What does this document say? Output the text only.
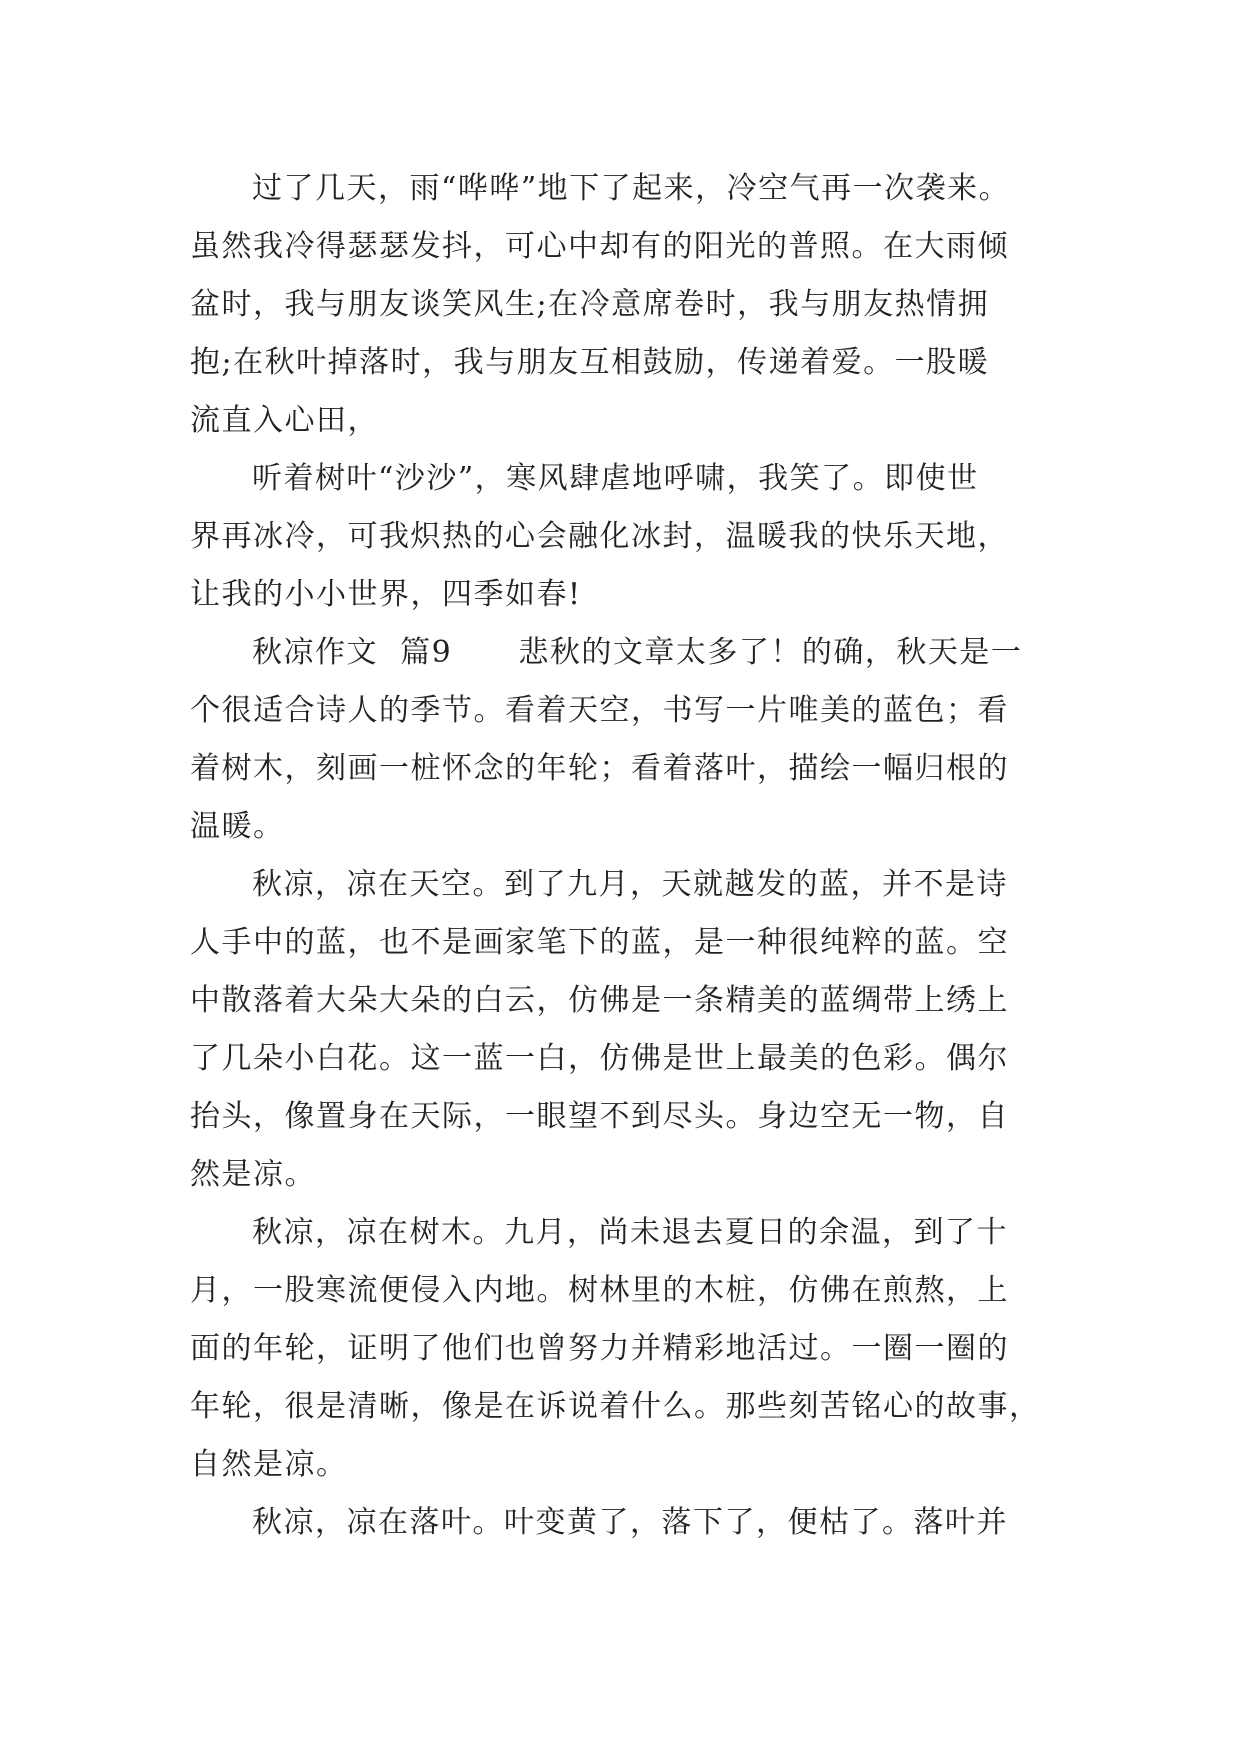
过了几天，雨“哗哗”地下了起来，冷空气再一次袭来。
虽然我冷得瑟瑟发抖，可心中却有的阳光的普照。在大雨倾
盆时，我与朋友谈笑风生;在冷意席卷时，我与朋友热情拥
抱;在秋叶掉落时，我与朋友互相鼓励，传递着爱。一股暖
流直入心田，
听着树叶“沙沙”，寒风肆虐地呼啸，我笑了。即使世
界再冰冷，可我炽热的心会融化冰封，温暖我的快乐天地，
让我的小小世界，四季如春!
秋凉作文  篇9      悲秋的文章太多了！的确，秋天是一
个很适合诗人的季节。看着天空，书写一片唯美的蓝色；看
着树木，刻画一桩怀念的年轮；看着落叶，描绘一幅归根的
温暖。
秋凉，凉在天空。到了九月，天就越发的蓝，并不是诗
人手中的蓝，也不是画家笔下的蓝，是一种很纯粹的蓝。空
中散落着大朵大朵的白云，仿佛是一条精美的蓝绸带上绣上
了几朵小白花。这一蓝一白，仿佛是世上最美的色彩。偶尔
抬头，像置身在天际，一眼望不到尽头。身边空无一物，自
然是凉。
秋凉，凉在树木。九月，尚未退去夏日的余温，到了十
月，一股寒流便侵入内地。树林里的木桩，仿佛在煎熬，上
面的年轮，证明了他们也曾努力并精彩地活过。一圈一圈的
年轮，很是清晰，像是在诉说着什么。那些刻苦铭心的故事，
自然是凉。
秋凉，凉在落叶。叶变黄了，落下了，便枯了。落叶并
